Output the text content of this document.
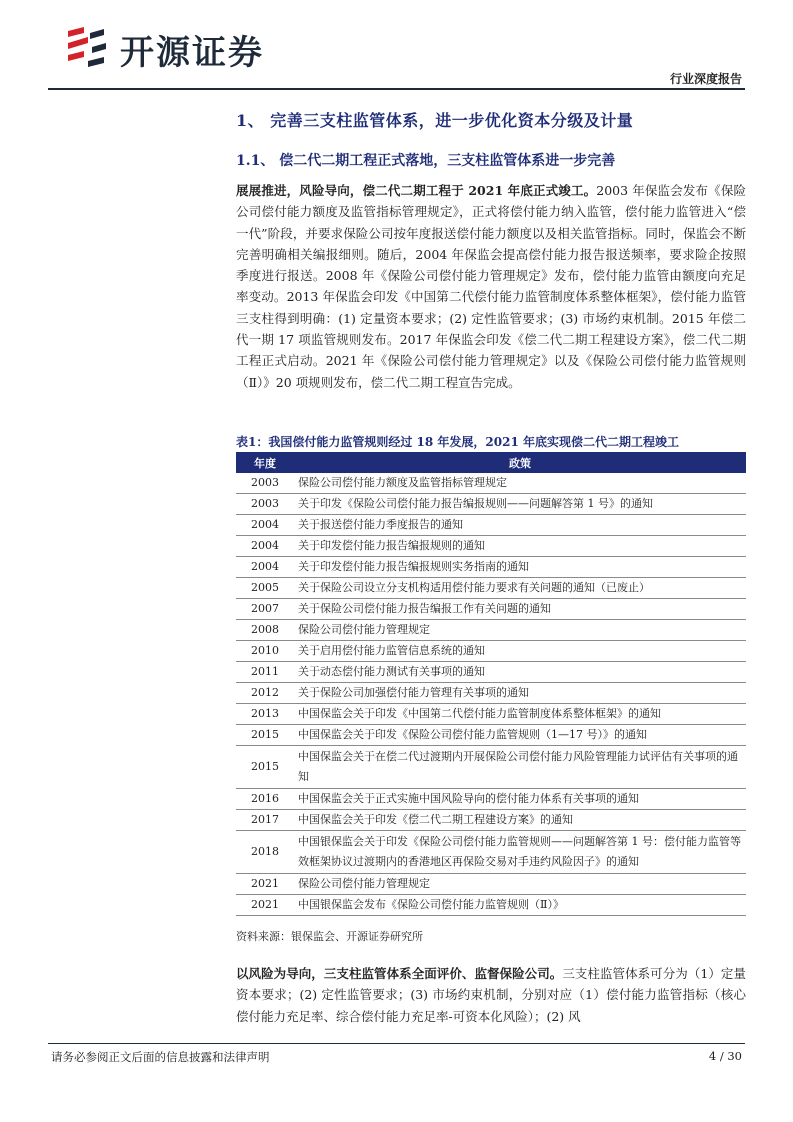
开源证券
行业深度报告
1、 完善三支柱监管体系，进一步优化资本分级及计量
1.1、 偿二代二期工程正式落地，三支柱监管体系进一步完善
展展推进，风险导向，偿二代二期工程于 2021 年底正式竣工。2003 年保监会发布《保险公司偿付能力额度及监管指标管理规定》，正式将偿付能力纳入监管，偿付能力监管进入“偿一代”阶段，并要求保险公司按年度报送偿付能力额度以及相关监管指标。同时，保监会不断完善明确相关编报细则。随后，2004 年保监会提高偿付能力报告报送频率，要求险企按照季度进行报送。2008 年《保险公司偿付能力管理规定》发布，偿付能力监管由额度向充足率变动。2013 年保监会印发《中国第二代偿付能力监管制度体系整体框架》，偿付能力监管三支柱得到明确：(1) 定量资本要求；(2) 定性监管要求；(3) 市场约束机制。2015 年偿二代一期 17 项监管规则发布。2017 年保监会印发《偿二代二期工程建设方案》，偿二代二期工程正式启动。2021 年《保险公司偿付能力管理规定》以及《保险公司偿付能力监管规则（Ⅱ）》20 项规则发布，偿二代二期工程宣告完成。
表1：我国偿付能力监管规则经过 18 年发展，2021 年底实现偿二代二期工程竣工
年度	政策
2003	保险公司偿付能力额度及监管指标管理规定
2003	关于印发《保险公司偿付能力报告编报规则——问题解答第 1 号》的通知
2004	关于报送偿付能力季度报告的通知
2004	关于印发偿付能力报告编报规则的通知
2004	关于印发偿付能力报告编报规则实务指南的通知
2005	关于保险公司设立分支机构适用偿付能力要求有关问题的通知（已废止）
2007	关于保险公司偿付能力报告编报工作有关问题的通知
2008	保险公司偿付能力管理规定
2010	关于启用偿付能力监管信息系统的通知
2011	关于动态偿付能力测试有关事项的通知
2012	关于保险公司加强偿付能力管理有关事项的通知
2013	中国保监会关于印发《中国第二代偿付能力监管制度体系整体框架》的通知
2015	中国保监会关于印发《保险公司偿付能力监管规则（1—17 号）》的通知
2015	中国保监会关于在偿二代过渡期内开展保险公司偿付能力风险管理能力试评估有关事项的通知
2016	中国保监会关于正式实施中国风险导向的偿付能力体系有关事项的通知
2017	中国保监会关于印发《偿二代二期工程建设方案》的通知
2018	中国银保监会关于印发《保险公司偿付能力监管规则——问题解答第 1 号：偿付能力监管等效框架协议过渡期内的香港地区再保险交易对手违约风险因子》的通知
2021	保险公司偿付能力管理规定
2021	中国银保监会发布《保险公司偿付能力监管规则（Ⅱ）》
资料来源：银保监会、开源证券研究所
以风险为导向，三支柱监管体系全面评价、监督保险公司。三支柱监管体系可分为（1）定量资本要求；(2) 定性监管要求；(3) 市场约束机制，分别对应（1）偿付能力监管指标（核心偿付能力充足率、综合偿付能力充足率-可资本化风险）；(2) 风
请务必参阅正文后面的信息披露和法律声明	4 / 30
